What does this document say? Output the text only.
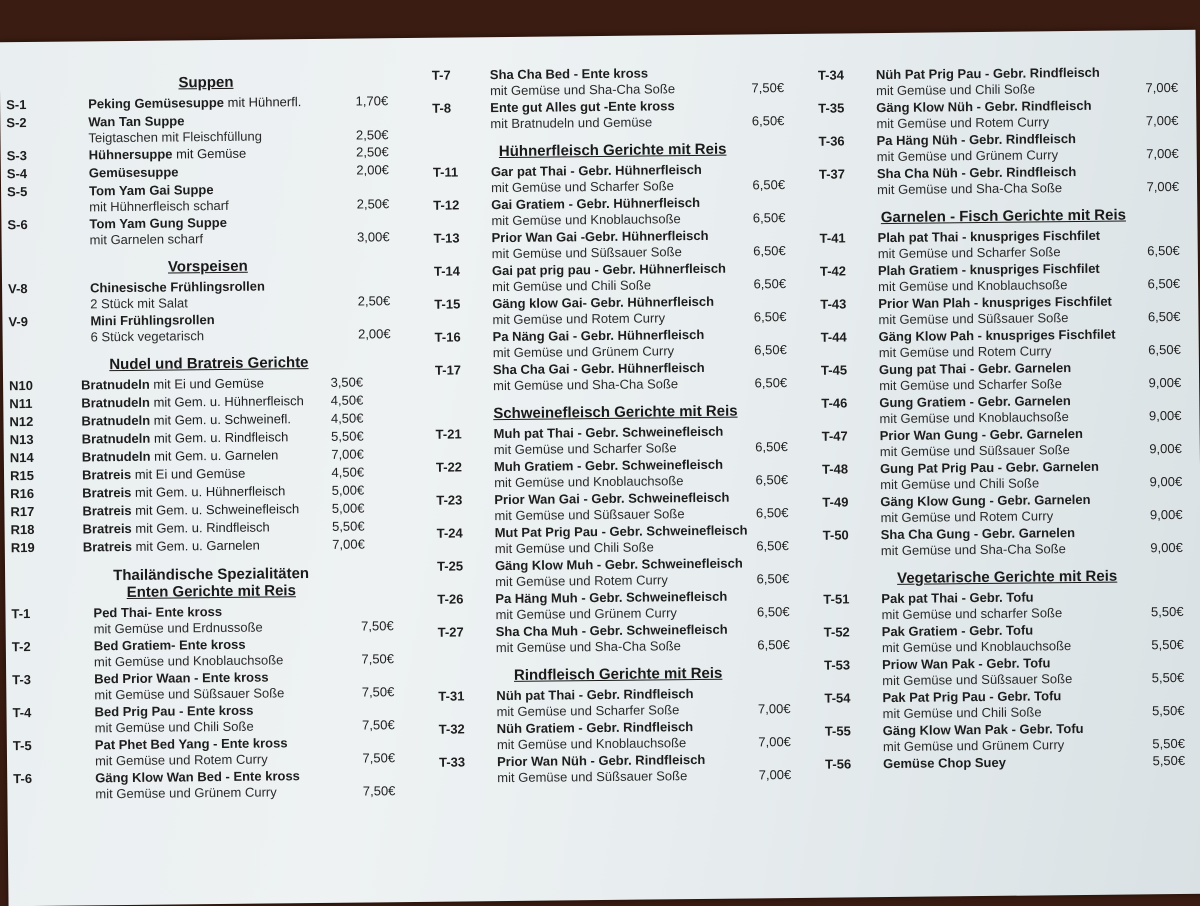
Suppen
S-1	Peking Gemüsesuppe mit Hühnerfl.	1,70€
S-2	Wan Tan Suppe
Teigtaschen mit Fleischfüllung	2,50€
S-3	Hühnersuppe mit Gemüse	2,50€
S-4	Gemüsesuppe	2,00€
S-5	Tom Yam Gai Suppe
mit Hühnerfleisch scharf	2,50€
S-6	Tom Yam Gung Suppe
mit Garnelen scharf	3,00€
Vorspeisen
V-8	Chinesische Frühlingsrollen
2 Stück mit Salat	2,50€
V-9	Mini Frühlingsrollen
6 Stück vegetarisch	2,00€
Nudel und Bratreis Gerichte
N10	Bratnudeln mit Ei und Gemüse	3,50€
N11	Bratnudeln mit Gem. u. Hühnerfleisch 4,50€
N12	Bratnudeln mit Gem. u. Schweinefl.	4,50€
N13	Bratnudeln mit Gem. u. Rindfleisch	5,50€
N14	Bratnudeln mit Gem. u. Garnelen	7,00€
R15	Bratreis mit Ei und Gemüse	4,50€
R16	Bratreis mit Gem. u. Hühnerfleisch	5,00€
R17	Bratreis mit Gem. u. Schweinefleisch	5,00€
R18	Bratreis mit Gem. u. Rindfleisch	5,50€
R19	Bratreis mit Gem. u. Garnelen	7,00€
Thailändische Spezialitäten
Enten Gerichte mit Reis
T-1	Ped Thai- Ente kross
mit Gemüse und Erdnussoße	7,50€
T-2	Bed Gratiem- Ente kross
mit Gemüse und Knoblauchsoße	7,50€
T-3	Bed Prior Waan - Ente kross
mit Gemüse und Süßsauer Soße	7,50€
T-4	Bed Prig Pau - Ente kross
mit Gemüse und Chili Soße	7,50€
T-5	Pat Phet Bed Yang - Ente kross
mit Gemüse und Rotem Curry	7,50€
T-6	Gäng Klow Wan Bed - Ente kross
mit Gemüse und Grünem Curry	7,50€
T-7	Sha Cha Bed - Ente kross
mit Gemüse und Sha-Cha Soße	7,50€
T-8	Ente gut Alles gut -Ente kross
mit Bratnudeln und Gemüse	6,50€
Hühnerfleisch Gerichte mit Reis
T-11	Gar pat Thai - Gebr. Hühnerfleisch
mit Gemüse und Scharfer Soße	6,50€
T-12	Gai Gratiem - Gebr. Hühnerfleisch
mit Gemüse und Knoblauchsoße	6,50€
T-13	Prior Wan Gai -Gebr. Hühnerfleisch
mit Gemüse und Süßsauer Soße	6,50€
T-14	Gai pat prig pau - Gebr. Hühnerfleisch
mit Gemüse und Chili Soße	6,50€
T-15	Gäng klow Gai- Gebr. Hühnerfleisch
mit Gemüse und Rotem Curry	6,50€
T-16	Pa Näng Gai - Gebr. Hühnerfleisch
mit Gemüse und Grünem Curry	6,50€
T-17	Sha Cha Gai - Gebr. Hühnerfleisch
mit Gemüse und Sha-Cha Soße	6,50€
Schweinefleisch Gerichte mit Reis
T-21	Muh pat Thai - Gebr. Schweinefleisch
mit Gemüse und Scharfer Soße	6,50€
T-22	Muh Gratiem - Gebr. Schweinefleisch
mit Gemüse und Knoblauchsoße	6,50€
T-23	Prior Wan Gai - Gebr. Schweinefleisch
mit Gemüse und Süßsauer Soße	6,50€
T-24	Mut Pat Prig Pau - Gebr. Schweinefleisch
mit Gemüse und Chili Soße	6,50€
T-25	Gäng Klow Muh - Gebr. Schweinefleisch
mit Gemüse und Rotem Curry	6,50€
T-26	Pa Häng Muh - Gebr. Schweinefleisch
mit Gemüse und Grünem Curry	6,50€
T-27	Sha Cha Muh - Gebr. Schweinefleisch
mit Gemüse und Sha-Cha Soße	6,50€
Rindfleisch Gerichte mit Reis
T-31	Nüh pat Thai - Gebr. Rindfleisch
mit Gemüse und Scharfer Soße	7,00€
T-32	Nüh Gratiem - Gebr. Rindfleisch
mit Gemüse und Knoblauchsoße	7,00€
T-33	Prior Wan Nüh - Gebr. Rindfleisch
mit Gemüse und Süßsauer Soße	7,00€
T-34	Nüh Pat Prig Pau - Gebr. Rindfleisch
mit Gemüse und Chili Soße	7,00€
T-35	Gäng Klow Nüh - Gebr. Rindfleisch
mit Gemüse und Rotem Curry	7,00€
T-36	Pa Häng Nüh - Gebr. Rindfleisch
mit Gemüse und Grünem Curry	7,00€
T-37	Sha Cha Nüh - Gebr. Rindfleisch
mit Gemüse und Sha-Cha Soße	7,00€
Garnelen - Fisch Gerichte mit Reis
T-41	Plah pat Thai - knuspriges Fischfilet
mit Gemüse und Scharfer Soße	6,50€
T-42	Plah Gratiem - knuspriges Fischfilet
mit Gemüse und Knoblauchsoße	6,50€
T-43	Prior Wan Plah - knuspriges Fischfilet
mit Gemüse und Süßsauer Soße	6,50€
T-44	Gäng Klow Pah - knuspriges Fischfilet
mit Gemüse und Rotem Curry	6,50€
T-45	Gung pat Thai - Gebr. Garnelen
mit Gemüse und Scharfer Soße	9,00€
T-46	Gung Gratiem - Gebr. Garnelen
mit Gemüse und Knoblauchsoße	9,00€
T-47	Prior Wan Gung - Gebr. Garnelen
mit Gemüse und Süßsauer Soße	9,00€
T-48	Gung Pat Prig Pau - Gebr. Garnelen
mit Gemüse und Chili Soße	9,00€
T-49	Gäng Klow Gung - Gebr. Garnelen
mit Gemüse und Rotem Curry	9,00€
T-50	Sha Cha Gung - Gebr. Garnelen
mit Gemüse und Sha-Cha Soße	9,00€
Vegetarische Gerichte mit Reis
T-51	Pak pat Thai - Gebr. Tofu
mit Gemüse und scharfer Soße	5,50€
T-52	Pak Gratiem - Gebr. Tofu
mit Gemüse und Knoblauchsoße	5,50€
T-53	Priow Wan Pak - Gebr. Tofu
mit Gemüse und Süßsauer Soße	5,50€
T-54	Pak Pat Prig Pau - Gebr. Tofu
mit Gemüse und Chili Soße	5,50€
T-55	Gäng Klow Wan Pak - Gebr. Tofu
mit Gemüse und Grünem Curry	5,50€
T-56	Gemüse Chop Suey	5,50€
